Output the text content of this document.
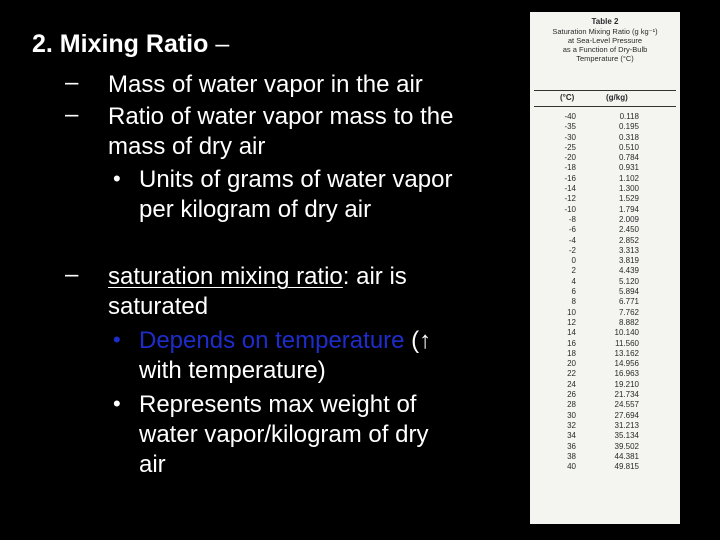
2. Mixing Ratio –
– Mass of water vapor in the air
– Ratio of water vapor mass to the
mass of dry air
• Units of grams of water vapor
per kilogram of dry air
– saturation mixing ratio: air is
saturated
• Depends on temperature (↑
with temperature)
• Represents max weight of
water vapor/kilogram of dry
air
Table 2
Saturation Mixing Ratio (g kg⁻¹)
at Sea-Level Pressure
as a Function of Dry-Bulb
Temperature (°C)
(°C)	(g/kg)
-40	0.118
-35	0.195
-30	0.318
-25	0.510
-20	0.784
-18	0.931
-16	1.102
-14	1.300
-12	1.529
-10	1.794
-8	2.009
-6	2.450
-4	2.852
-2	3.313
0	3.819
2	4.439
4	5.120
6	5.894
8	6.771
10	7.762
12	8.882
14	10.140
16	11.560
18	13.162
20	14.956
22	16.963
24	19.210
26	21.734
28	24.557
30	27.694
32	31.213
34	35.134
36	39.502
38	44.381
40	49.815
